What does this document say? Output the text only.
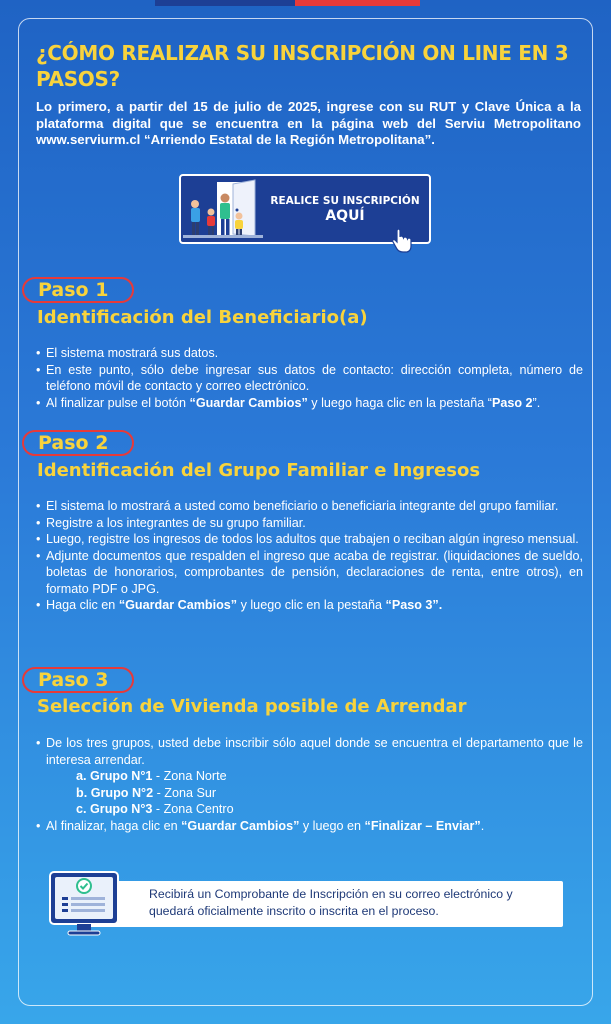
¿CÓMO REALIZAR SU INSCRIPCIÓN ON LINE EN 3 PASOS?

Lo primero, a partir del 15 de julio de 2025, ingrese con su RUT y Clave Única a la plataforma digital que se encuentra en la página web del Serviu Metropolitano www.serviurm.cl “Arriendo Estatal de la Región Metropolitana”.

REALICE SU INSCRIPCIÓN
AQUÍ
Paso 1
Identificación del Beneficiario(a)
• El sistema mostrará sus datos.
• En este punto, sólo debe ingresar sus datos de contacto: dirección completa, número de teléfono móvil de contacto y correo electrónico.
• Al finalizar pulse el botón “Guardar Cambios” y luego haga clic en la pestaña “Paso 2”.
Paso 2
Identificación del Grupo Familiar e Ingresos
• El sistema lo mostrará a usted como beneficiario o beneficiaria integrante del grupo familiar.
• Registre a los integrantes de su grupo familiar.
• Luego, registre los ingresos de todos los adultos que trabajen o reciban algún ingreso mensual.
• Adjunte documentos que respalden el ingreso que acaba de registrar. (liquidaciones de sueldo, boletas de honorarios, comprobantes de pensión, declaraciones de renta, entre otros), en formato PDF o JPG.
• Haga clic en “Guardar Cambios” y luego clic en la pestaña “Paso 3”.
Paso 3
Selección de Vivienda posible de Arrendar
• De los tres grupos, usted debe inscribir sólo aquel donde se encuentra el departamento que le interesa arrendar.
a. Grupo N°1 - Zona Norte
b. Grupo N°2 - Zona Sur
c. Grupo N°3 - Zona Centro
• Al finalizar, haga clic en “Guardar Cambios” y luego en “Finalizar – Enviar”.
Recibirá un Comprobante de Inscripción en su correo electrónico y quedará oficialmente inscrito o inscrita en el proceso.
